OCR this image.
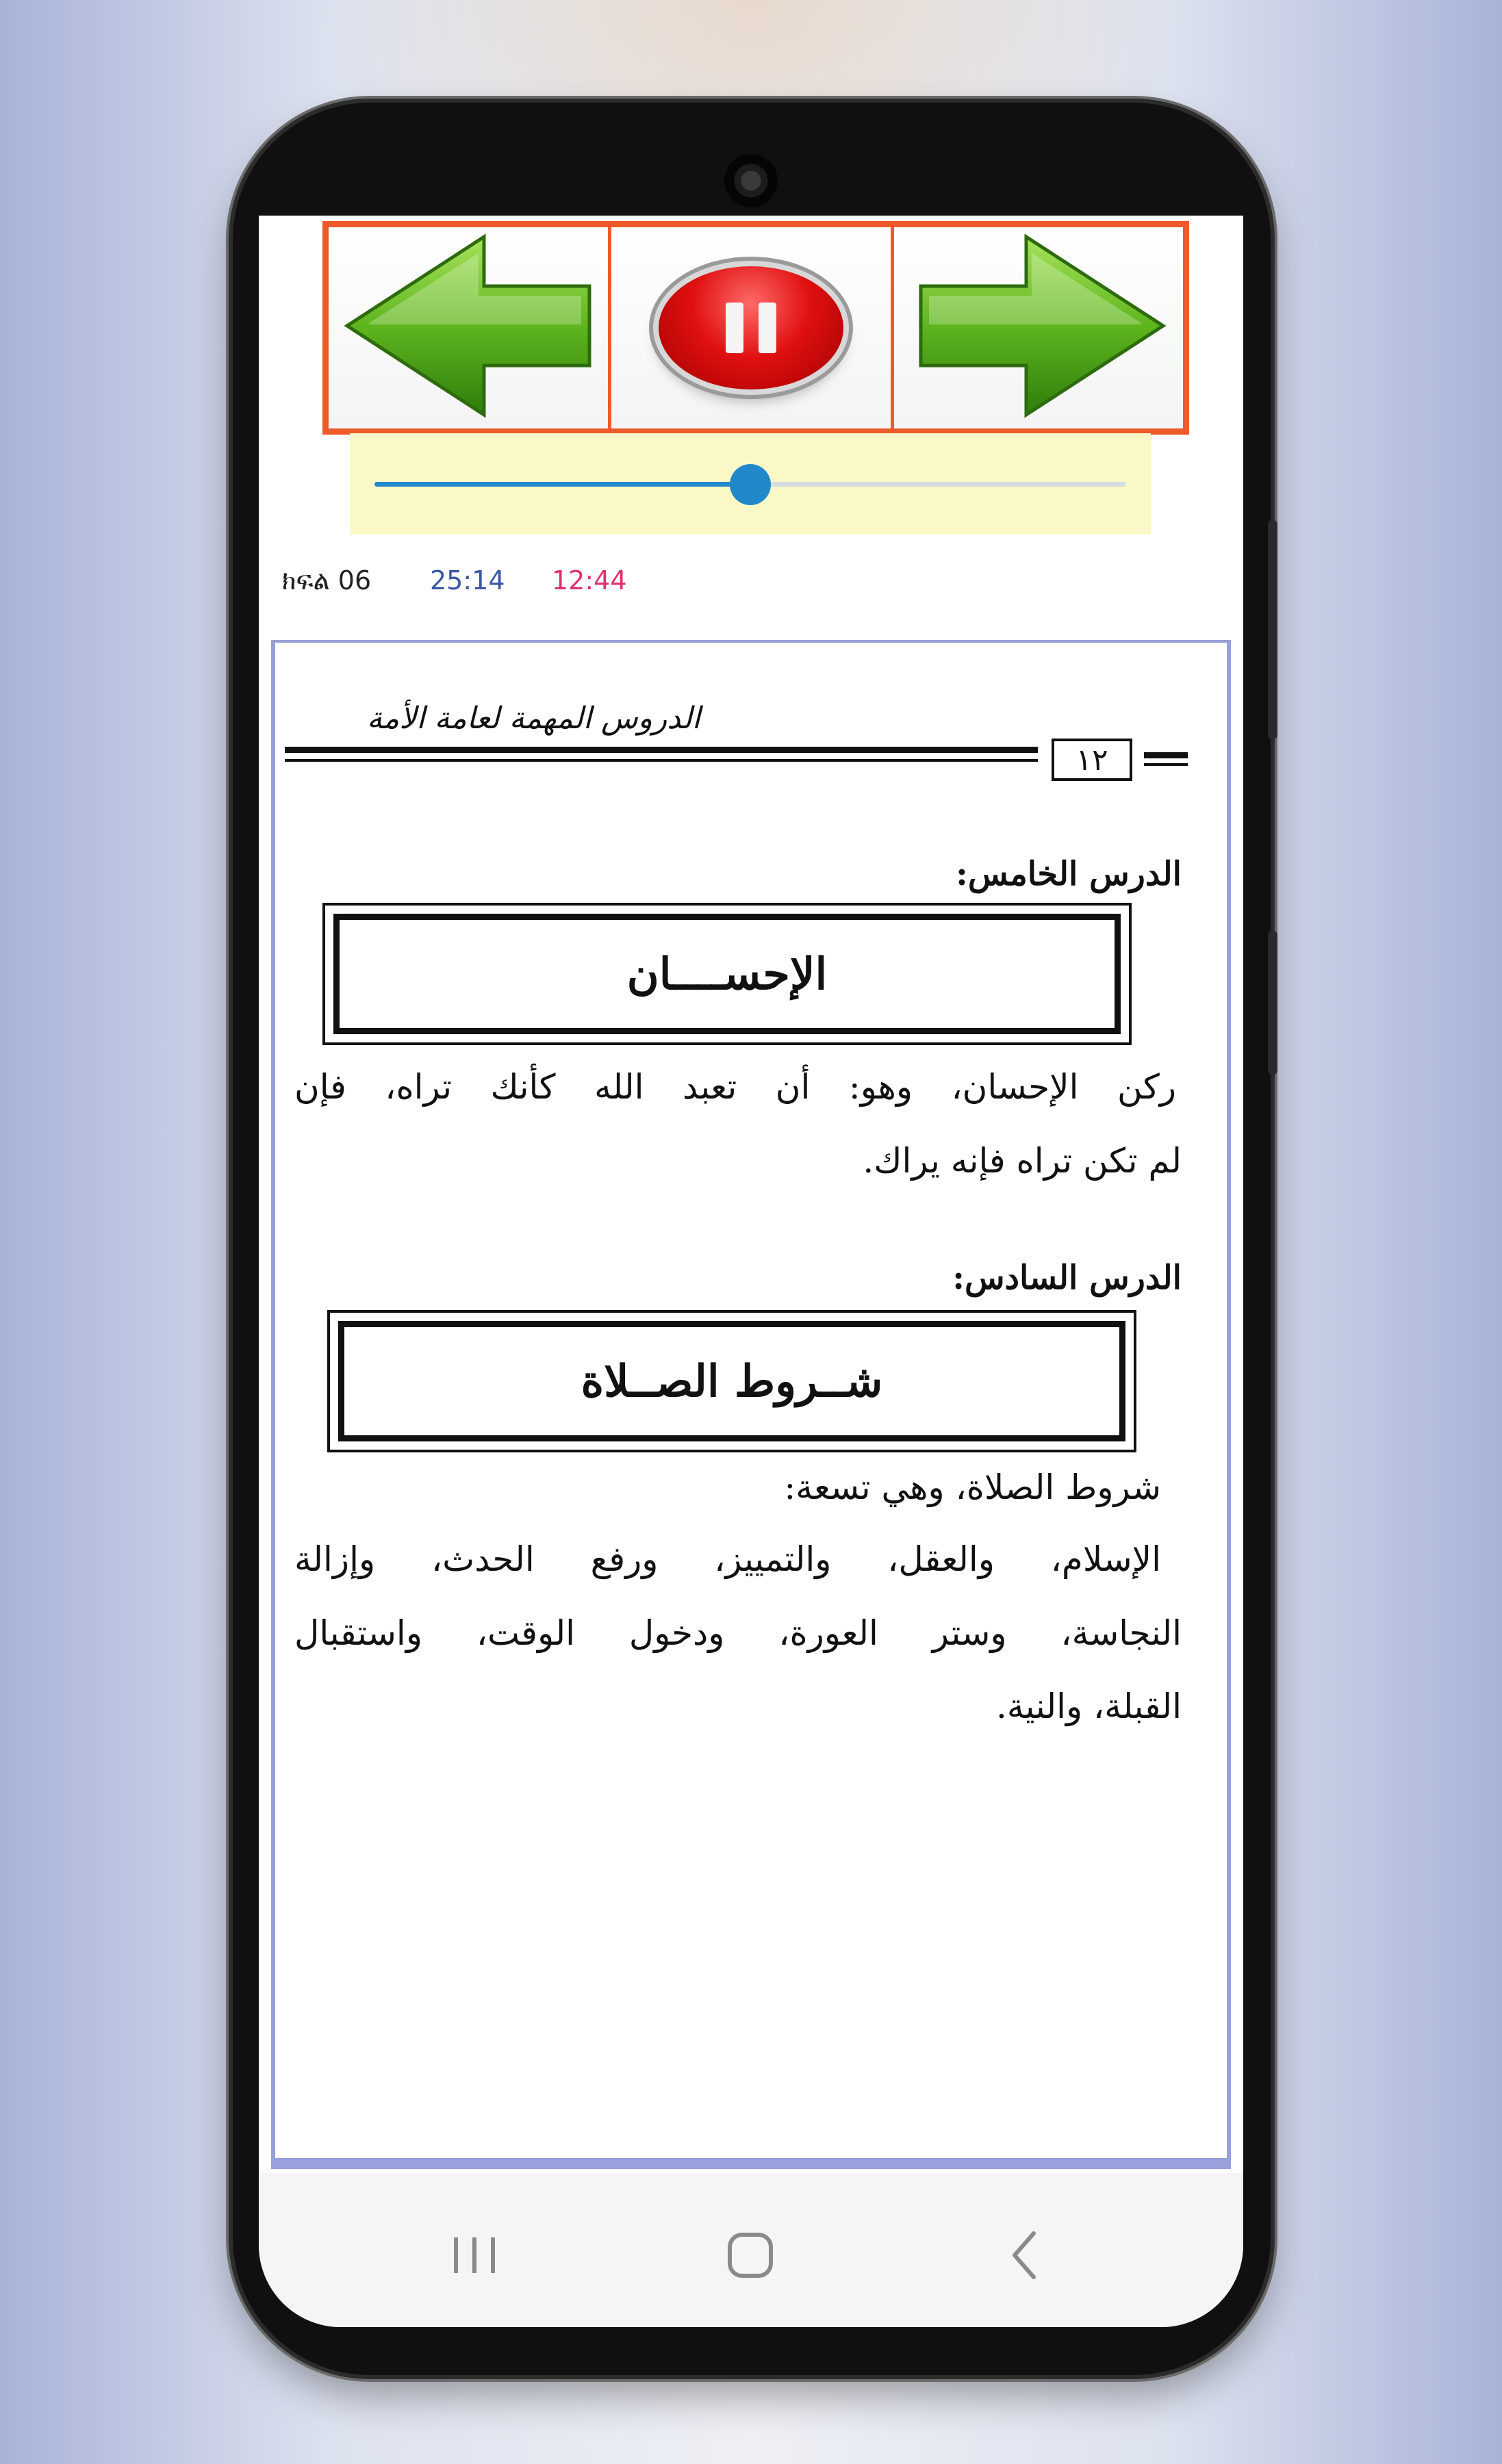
ክፍል 06 25:14 12:44
الدروس المهمة لعامة الأمة
١٢
الدرس الخامس:
الإحســــان
ركن الإحسان، وهو: أن تعبد الله كأنك تراه، فإن
لم تكن تراه فإنه يراك.
الدرس السادس:
شــروط الصــلاة
شروط الصلاة، وهي تسعة:
الإسلام، والعقل، والتمييز، ورفع الحدث، وإزالة
النجاسة، وستر العورة، ودخول الوقت، واستقبال
القبلة، والنية.
